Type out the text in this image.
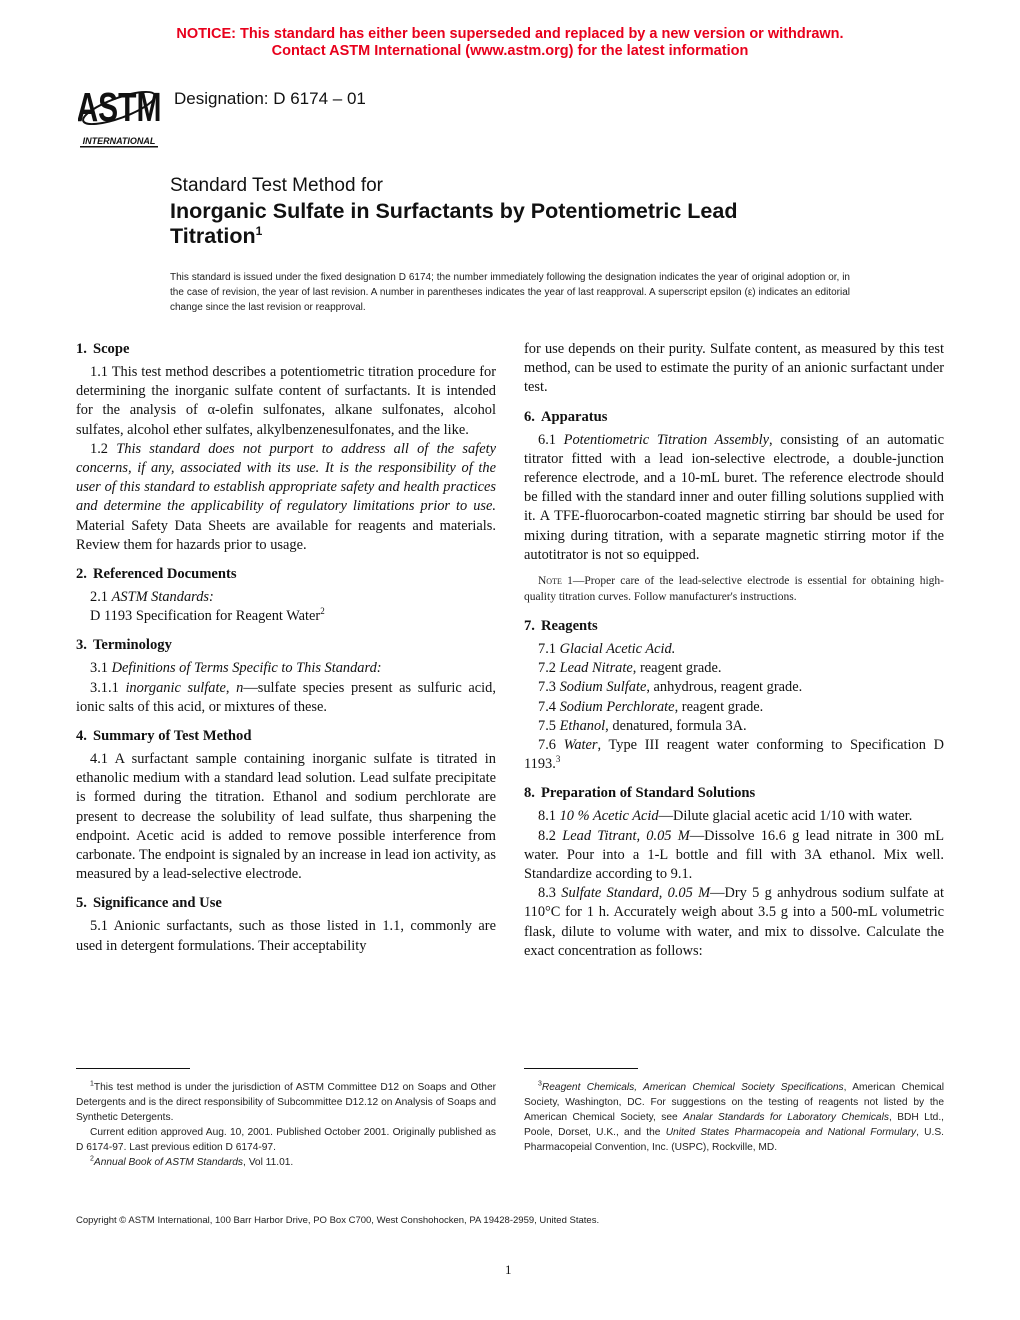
NOTICE: This standard has either been superseded and replaced by a new version or withdrawn.
Contact ASTM International (www.astm.org) for the latest information
ASTM
INTERNATIONAL
Designation: D 6174 – 01
Standard Test Method for
Inorganic Sulfate in Surfactants by Potentiometric Lead
Titration$^1$
This standard is issued under the fixed designation D 6174; the number immediately following the designation indicates the year of original adoption or, in the case of revision, the year of last revision. A number in parentheses indicates the year of last reapproval. A superscript epsilon (ε) indicates an editorial change since the last revision or reapproval.
1. Scope

1.1 This test method describes a potentiometric titration procedure for determining the inorganic sulfate content of surfactants. It is intended for the analysis of α-olefin sulfonates, alkane sulfonates, alcohol sulfates, alcohol ether sulfates, alkylbenzenesulfonates, and the like.

1.2 This standard does not purport to address all of the safety concerns, if any, associated with its use. It is the responsibility of the user of this standard to establish appropriate safety and health practices and determine the applicability of regulatory limitations prior to use. Material Safety Data Sheets are available for reagents and materials. Review them for hazards prior to usage.

2. Referenced Documents

2.1 ASTM Standards:

D 1193 Specification for Reagent Water$^2$

3. Terminology

3.1 Definitions of Terms Specific to This Standard:

3.1.1 inorganic sulfate, n—sulfate species present as sulfuric acid, ionic salts of this acid, or mixtures of these.

4. Summary of Test Method

4.1 A surfactant sample containing inorganic sulfate is titrated in ethanolic medium with a standard lead solution. Lead sulfate precipitate is formed during the titration. Ethanol and sodium perchlorate are present to decrease the solubility of lead sulfate, thus sharpening the endpoint. Acetic acid is added to remove possible interference from carbonate. The endpoint is signaled by an increase in lead ion activity, as measured by a lead-selective electrode.

5. Significance and Use

5.1 Anionic surfactants, such as those listed in 1.1, commonly are used in detergent formulations. Their acceptability

for use depends on their purity. Sulfate content, as measured by this test method, can be used to estimate the purity of an anionic surfactant under test.

6. Apparatus

6.1 Potentiometric Titration Assembly, consisting of an automatic titrator fitted with a lead ion-selective electrode, a double-junction reference electrode, and a 10-mL buret. The reference electrode should be filled with the standard inner and outer filling solutions supplied with it. A TFE-fluorocarbon-coated magnetic stirring bar should be used for mixing during titration, with a separate magnetic stirring motor if the autotitrator is not so equipped.

Note 1—Proper care of the lead-selective electrode is essential for obtaining high-quality titration curves. Follow manufacturer's instructions.
7. Reagents

7.1 Glacial Acetic Acid.

7.2 Lead Nitrate, reagent grade.

7.3 Sodium Sulfate, anhydrous, reagent grade.

7.4 Sodium Perchlorate, reagent grade.

7.5 Ethanol, denatured, formula 3A.

7.6 Water, Type III reagent water conforming to Specification D 1193.$^3$

8. Preparation of Standard Solutions

8.1 10 % Acetic Acid—Dilute glacial acetic acid 1/10 with water.

8.2 Lead Titrant, 0.05 M—Dissolve 16.6 g lead nitrate in 300 mL water. Pour into a 1-L bottle and fill with 3A ethanol. Mix well. Standardize according to 9.1.

8.3 Sulfate Standard, 0.05 M—Dry 5 g anhydrous sodium sulfate at 110°C for 1 h. Accurately weigh about 3.5 g into a 500-mL volumetric flask, dilute to volume with water, and mix to dissolve. Calculate the exact concentration as follows:

$^1$This test method is under the jurisdiction of ASTM Committee D12 on Soaps and Other Detergents and is the direct responsibility of Subcommittee D12.12 on Analysis of Soaps and Synthetic Detergents.

Current edition approved Aug. 10, 2001. Published October 2001. Originally published as D 6174-97. Last previous edition D 6174-97.

$^2$Annual Book of ASTM Standards, Vol 11.01.

$^3$Reagent Chemicals, American Chemical Society Specifications, American Chemical Society, Washington, DC. For suggestions on the testing of reagents not listed by the American Chemical Society, see Analar Standards for Laboratory Chemicals, BDH Ltd., Poole, Dorset, U.K., and the United States Pharmacopeia and National Formulary, U.S. Pharmacopeial Convention, Inc. (USPC), Rockville, MD.

Copyright © ASTM International, 100 Barr Harbor Drive, PO Box C700, West Conshohocken, PA 19428-2959, United States.
1
